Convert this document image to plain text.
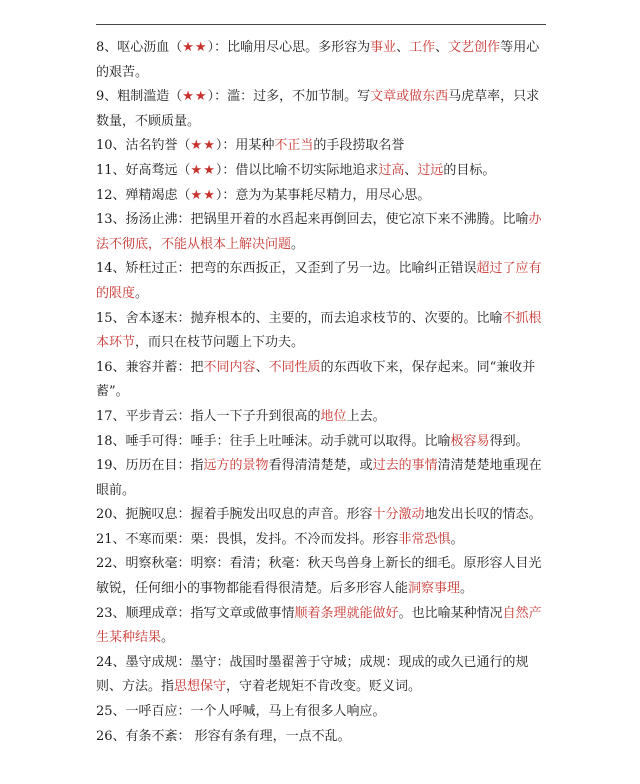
8、呕心沥血（★★）：比喻用尽心思。多形容为事业、工作、文艺创作等用心的艰苦。

9、粗制滥造（★★）：滥：过多，不加节制。写文章或做东西马虎草率，只求数量，不顾质量。

10、沽名钓誉（★★）：用某种不正当的手段捞取名誉

11、好高骛远（★★）：借以比喻不切实际地追求过高、过远的目标。

12、殚精竭虑（★★）：意为为某事耗尽精力，用尽心思。

13、扬汤止沸：把锅里开着的水舀起来再倒回去，使它凉下来不沸腾。比喻办法不彻底，不能从根本上解决问题。

14、矫枉过正：把弯的东西扳正，又歪到了另一边。比喻纠正错误超过了应有的限度。

15、舍本逐末：抛弃根本的、主要的，而去追求枝节的、次要的。比喻不抓根本环节，而只在枝节问题上下功夫。

16、兼容并蓄：把不同内容、不同性质的东西收下来，保存起来。同“兼收并蓄”。

17、平步青云：指人一下子升到很高的地位上去。

18、唾手可得：唾手：往手上吐唾沫。动手就可以取得。比喻极容易得到。

19、历历在目：指远方的景物看得清清楚楚，或过去的事情清清楚楚地重现在眼前。

20、扼腕叹息：握着手腕发出叹息的声音。形容十分激动地发出长叹的情态。

21、不寒而栗：栗：畏惧，发抖。不冷而发抖。形容非常恐惧。

22、明察秋毫：明察：看清；秋毫：秋天鸟兽身上新长的细毛。原形容人目光敏锐，任何细小的事物都能看得很清楚。后多形容人能洞察事理。

23、顺理成章：指写文章或做事情顺着条理就能做好。也比喻某种情况自然产生某种结果。

24、墨守成规：墨守：战国时墨翟善于守城；成规：现成的或久已通行的规则、方法。指思想保守，守着老规矩不肯改变。贬义词。

25、一呼百应：一个人呼喊，马上有很多人响应。

26、有条不紊： 形容有条有理，一点不乱。
